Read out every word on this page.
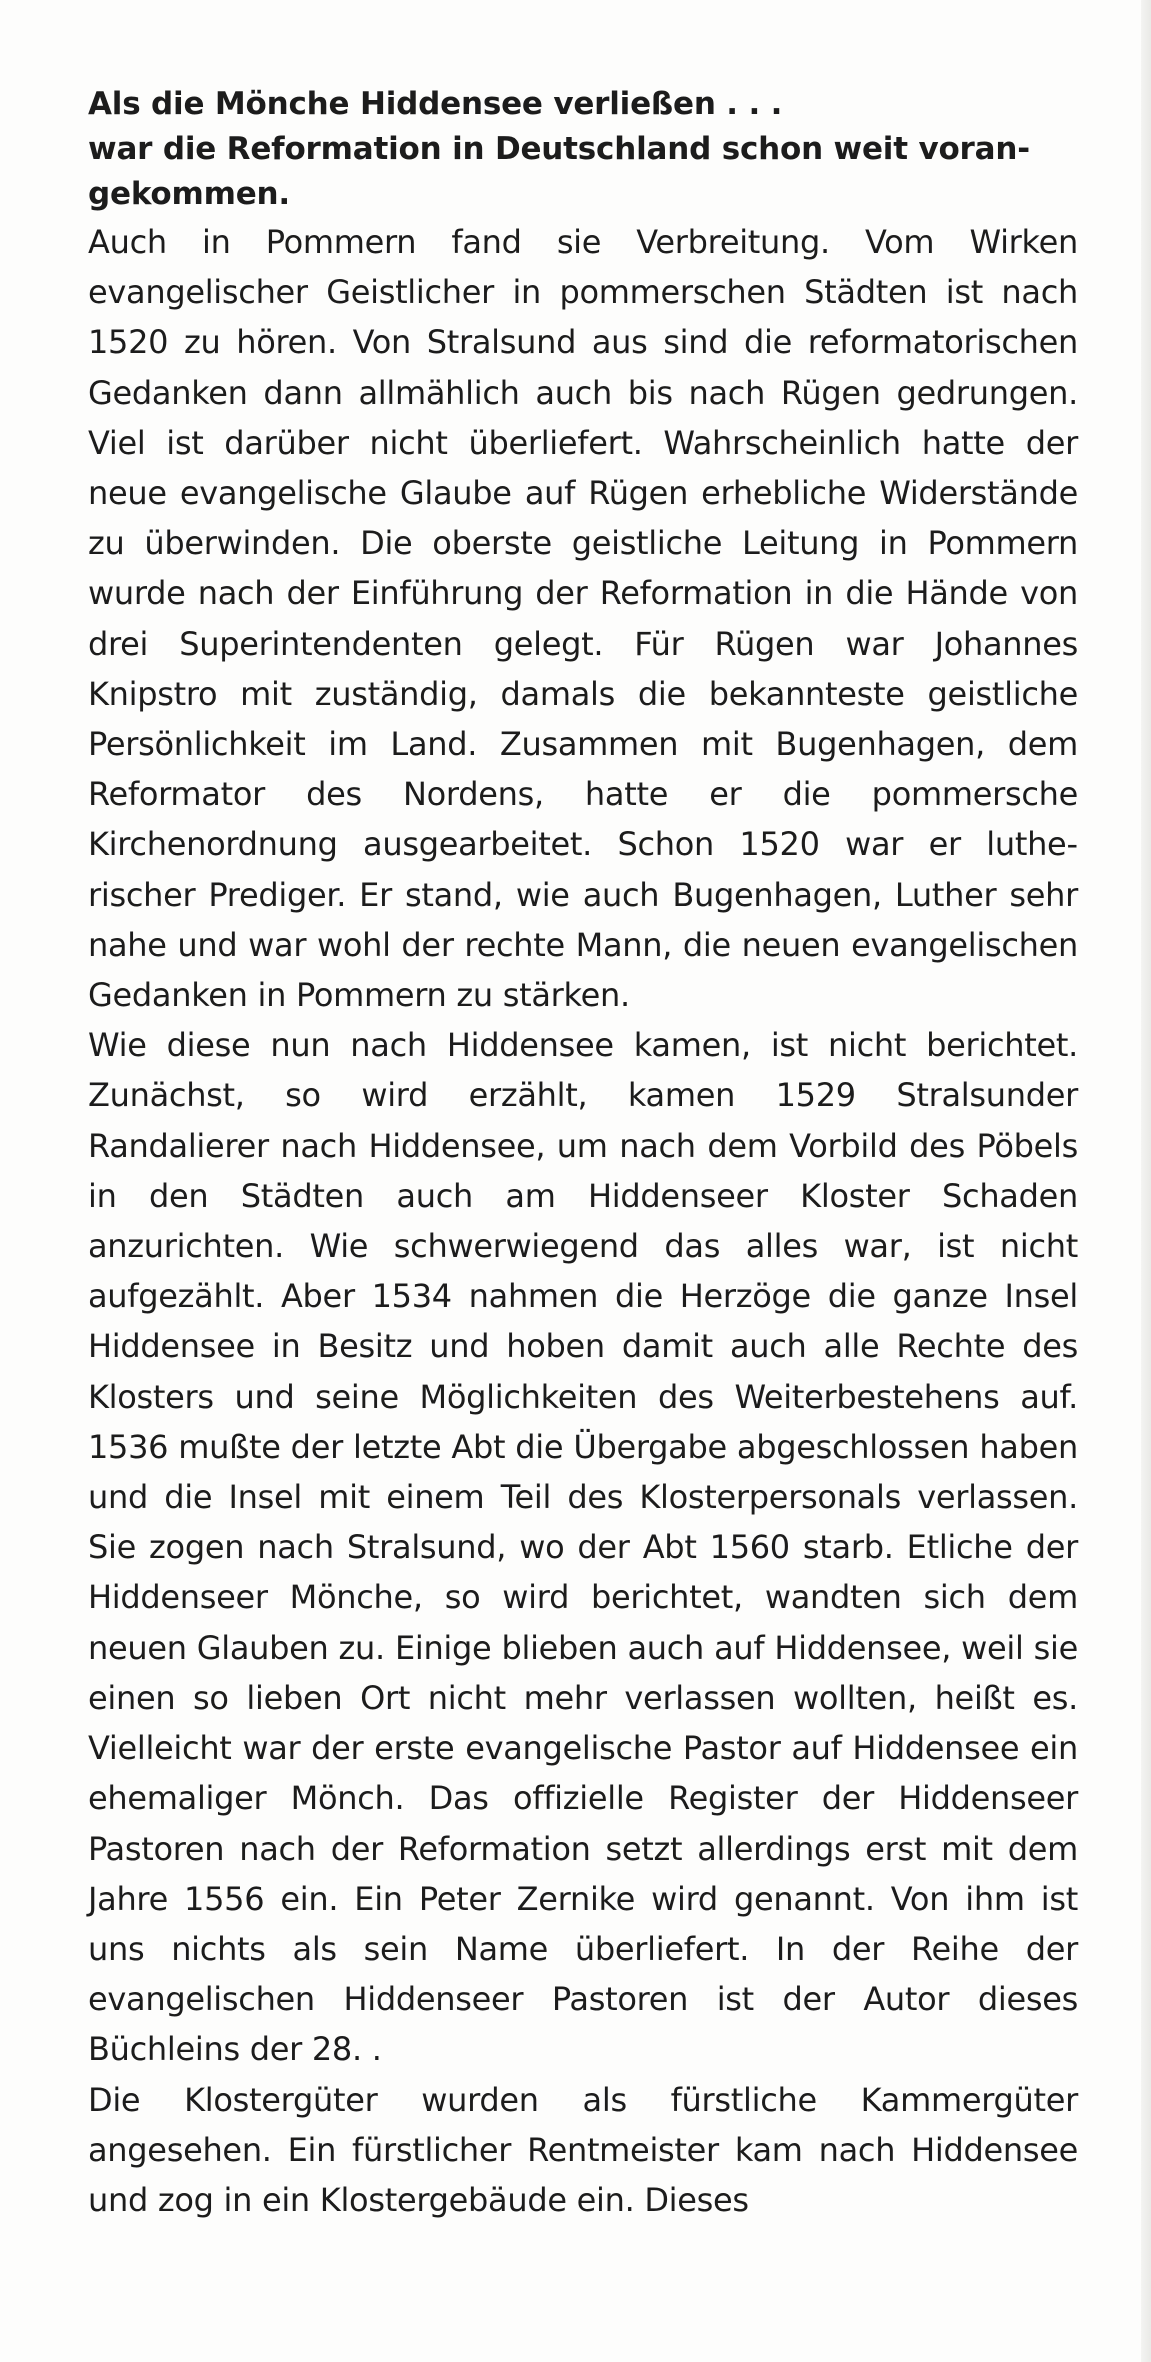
Als die Mönche Hiddensee verließen . . .
war die Reformation in Deutschland schon weit voran-
gekommen.

Auch in Pommern fand sie Verbreitung. Vom Wirken evangelischer Geistlicher in pommerschen Städten ist nach 1520 zu hören. Von Stralsund aus sind die reformatorischen Gedanken dann allmählich auch bis nach Rügen gedrungen. Viel ist darüber nicht überliefert. Wahrscheinlich hatte der neue evangelische Glaube auf Rügen erhebliche Widerstände zu überwinden. Die oberste geistliche Leitung in Pommern wurde nach der Einführung der Reformation in die Hände von drei Superintendenten gelegt. Für Rügen war Johannes Knipstro mit zuständig, damals die bekannteste geistliche Persönlichkeit im Land. Zusammen mit Bugenhagen, dem Reformator des Nordens, hatte er die pommersche Kirchenordnung ausgearbeitet. Schon 1520 war er lutherischer Prediger. Er stand, wie auch Bugenhagen, Luther sehr nahe und war wohl der rechte Mann, die neuen evangelischen Gedanken in Pommern zu stärken.

Wie diese nun nach Hiddensee kamen, ist nicht berichtet. Zunächst, so wird erzählt, kamen 1529 Stralsunder Randalierer nach Hiddensee, um nach dem Vorbild des Pöbels in den Städten auch am Hiddenseer Kloster Schaden anzurichten. Wie schwerwiegend das alles war, ist nicht aufgezählt. Aber 1534 nahmen die Herzöge die ganze Insel Hiddensee in Besitz und hoben damit auch alle Rechte des Klosters und seine Möglichkeiten des Weiterbestehens auf. 1536 mußte der letzte Abt die Übergabe abgeschlossen haben und die Insel mit einem Teil des Klosterpersonals verlassen. Sie zogen nach Stralsund, wo der Abt 1560 starb. Etliche der Hiddenseer Mönche, so wird berichtet, wandten sich dem neuen Glauben zu. Einige blieben auch auf Hiddensee, weil sie einen so lieben Ort nicht mehr verlassen wollten, heißt es. Vielleicht war der erste evangelische Pastor auf Hiddensee ein ehemaliger Mönch. Das offizielle Register der Hiddenseer Pastoren nach der Reformation setzt allerdings erst mit dem Jahre 1556 ein. Ein Peter Zernike wird genannt. Von ihm ist uns nichts als sein Name überliefert. In der Reihe der evangelischen Hiddenseer Pastoren ist der Autor dieses Büchleins der 28. .

Die Klostergüter wurden als fürstliche Kammergüter angesehen. Ein fürstlicher Rentmeister kam nach Hiddensee und zog in ein Klostergebäude ein. Dieses
